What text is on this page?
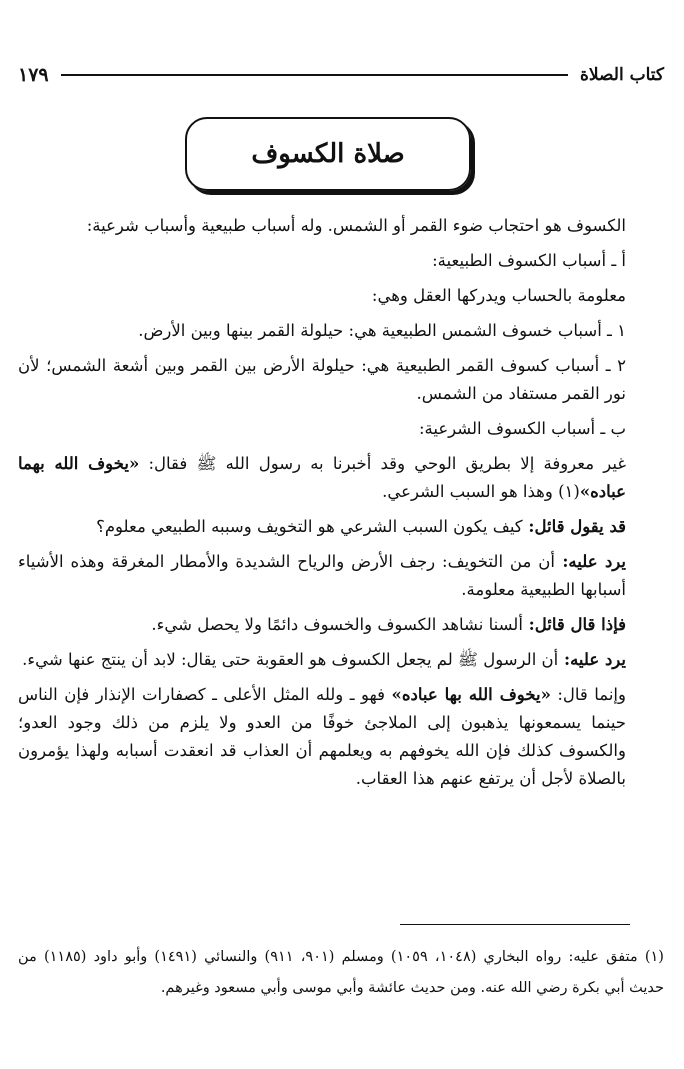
كتاب الصلاة
١٧٩
صلاة الكسوف

الكسوف هو احتجاب ضوء القمر أو الشمس. وله أسباب طبيعية وأسباب شرعية:

أ ـ أسباب الكسوف الطبيعية:

معلومة بالحساب ويدركها العقل وهي:

١ ـ أسباب خسوف الشمس الطبيعية هي: حيلولة القمر بينها وبين الأرض.

٢ ـ أسباب كسوف القمر الطبيعية هي: حيلولة الأرض بين القمر وبين أشعة الشمس؛ لأن نور القمر مستفاد من الشمس.

ب ـ أسباب الكسوف الشرعية:

غير معروفة إلا بطريق الوحي وقد أخبرنا به رسول الله ﷺ فقال: «يخوف الله بهما عباده»(١) وهذا هو السبب الشرعي.

قد يقول قائل: كيف يكون السبب الشرعي هو التخويف وسببه الطبيعي معلوم؟

يرد عليه: أن من التخويف: رجف الأرض والرياح الشديدة والأمطار المغرقة وهذه الأشياء أسبابها الطبيعية معلومة.

فإذا قال قائل: ألسنا نشاهد الكسوف والخسوف دائمًا ولا يحصل شيء.

يرد عليه: أن الرسول ﷺ لم يجعل الكسوف هو العقوبة حتى يقال: لابد أن ينتج عنها شيء.

وإنما قال: «يخوف الله بها عباده» فهو ـ ولله المثل الأعلى ـ كصفارات الإنذار فإن الناس حينما يسمعونها يذهبون إلى الملاجئ خوفًا من العدو ولا يلزم من ذلك وجود العدو؛ والكسوف كذلك فإن الله يخوفهم به ويعلمهم أن العذاب قد انعقدت أسبابه ولهذا يؤمرون بالصلاة لأجل أن يرتفع عنهم هذا العقاب.

(١) متفق عليه: رواه البخاري (١٠٤٨، ١٠٥٩) ومسلم (٩٠١، ٩١١) والنسائي (١٤٩١) وأبو داود (١١٨٥) من حديث أبي بكرة رضي الله عنه. ومن حديث عائشة وأبي موسى وأبي مسعود وغيرهم.
